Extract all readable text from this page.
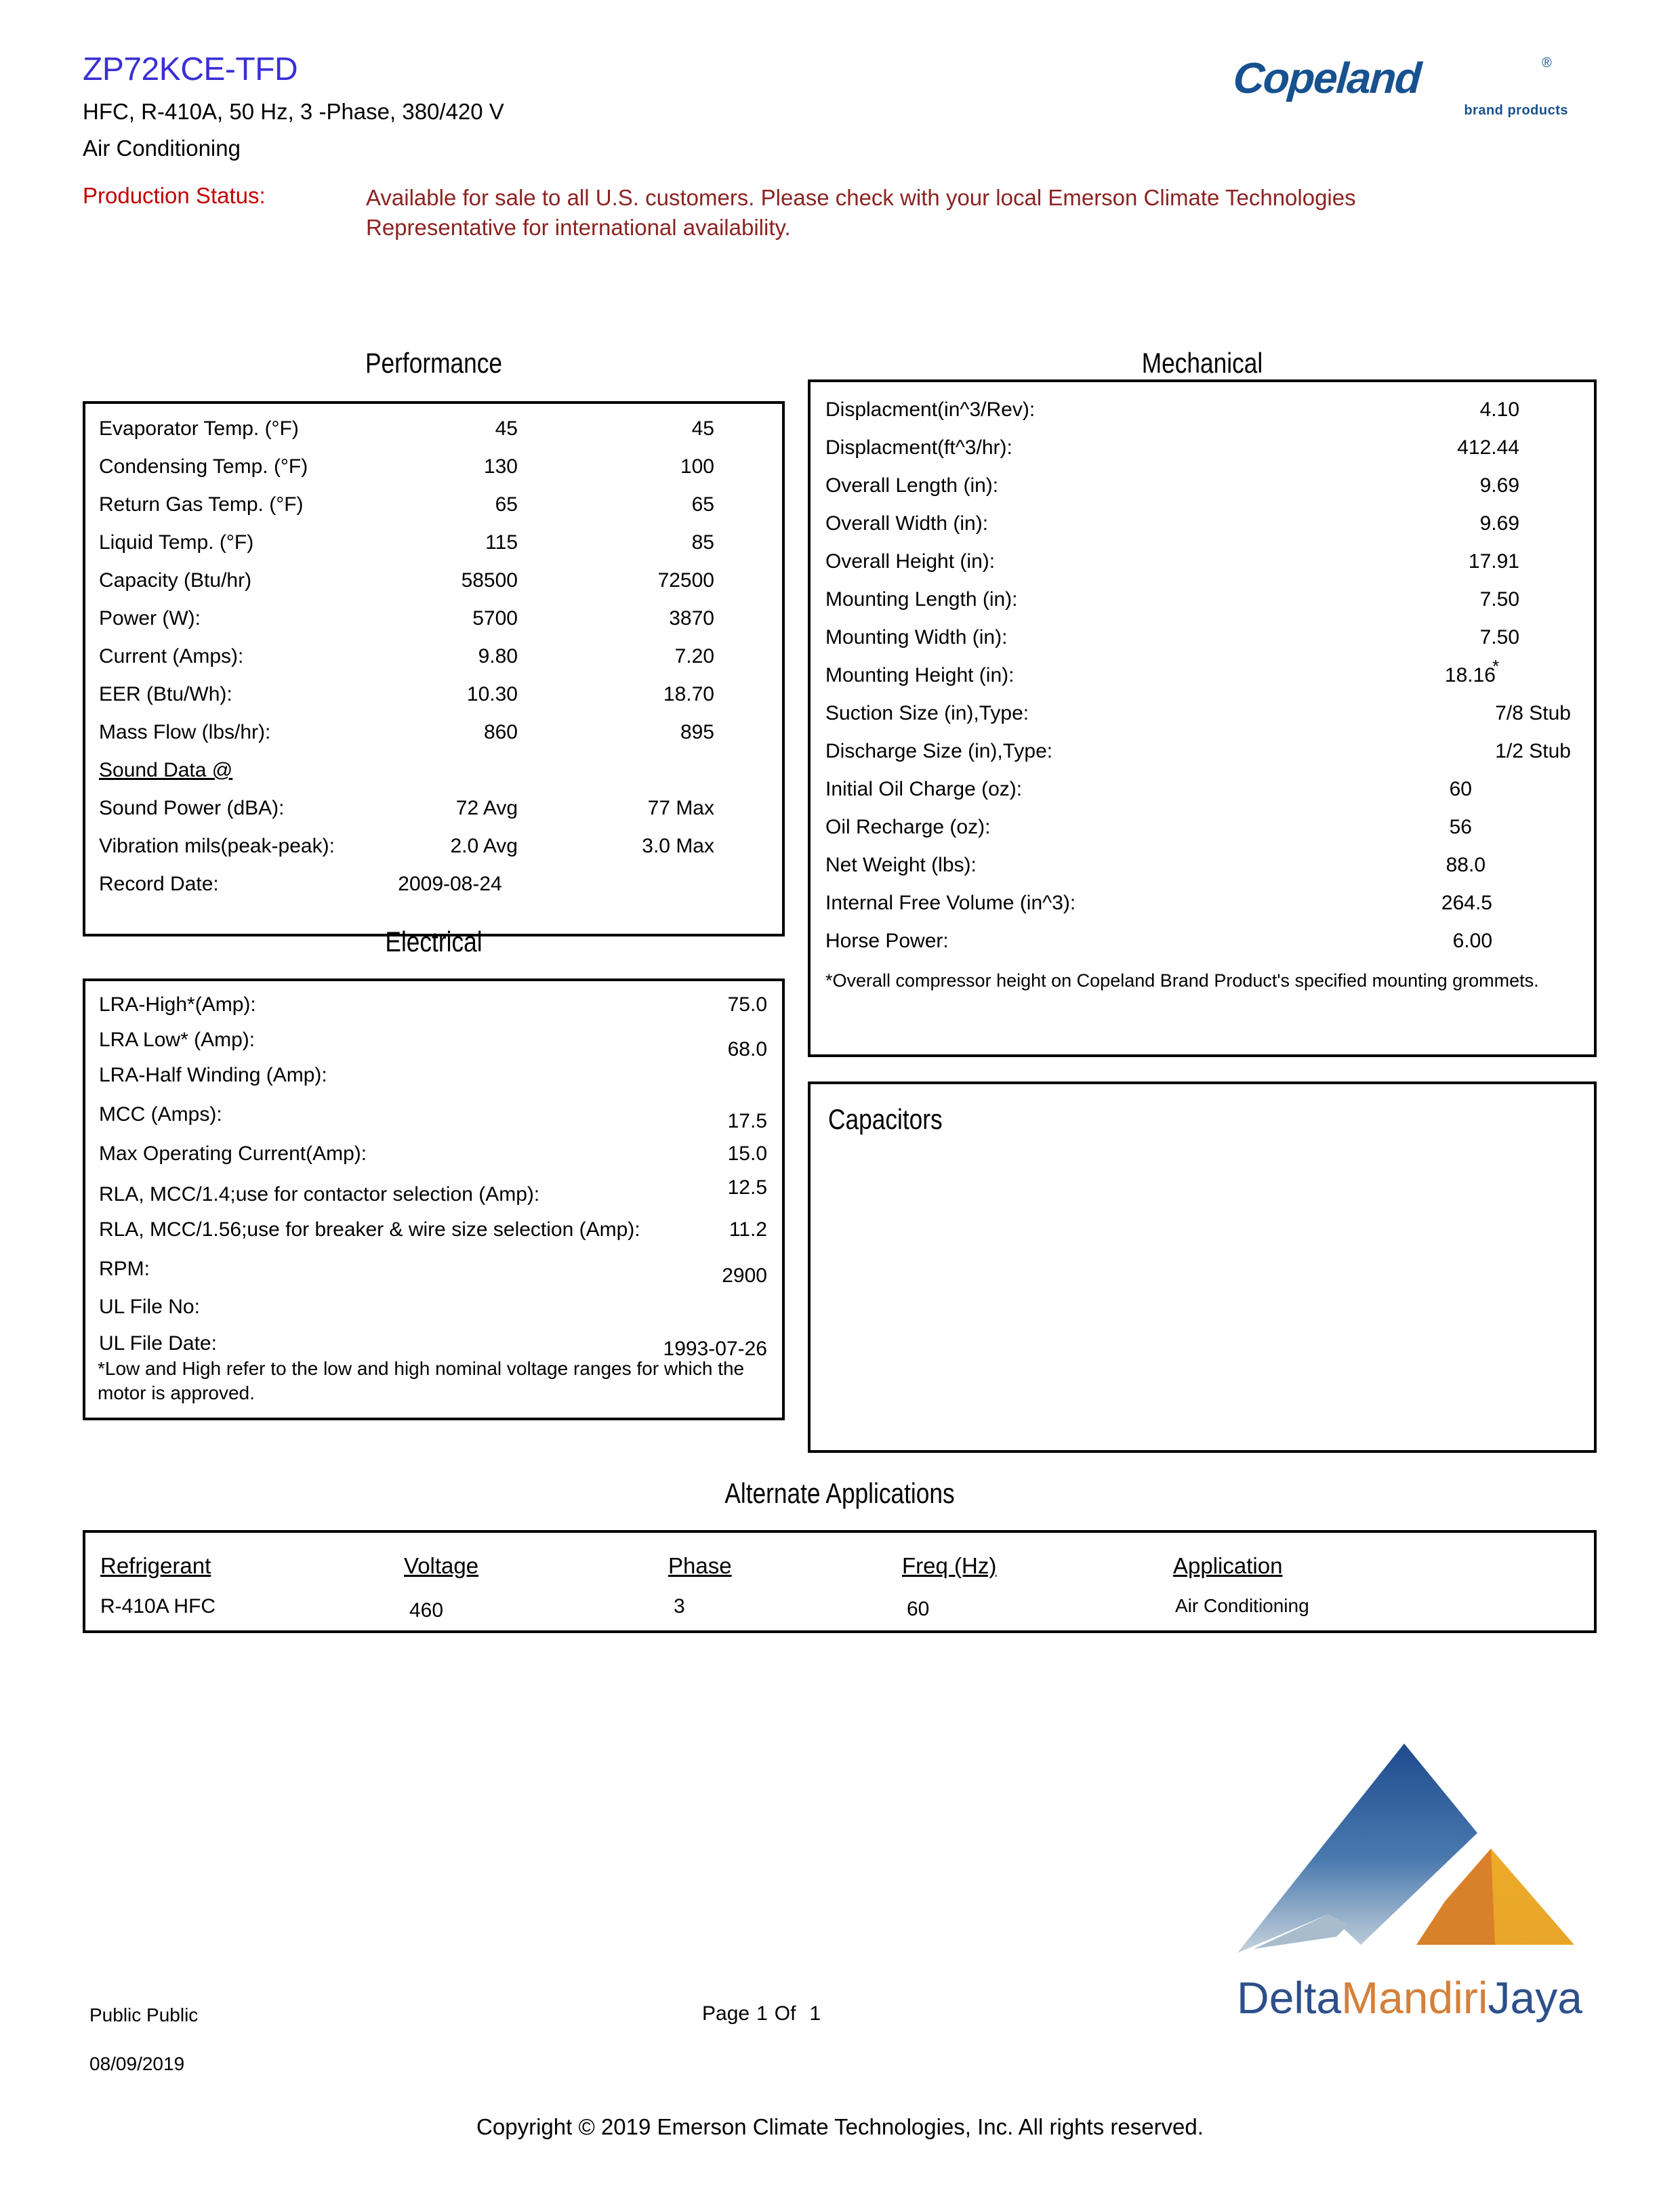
ZP72KCE-TFD
HFC, R-410A, 50 Hz, 3 -Phase, 380/420 V
Air Conditioning
Production Status:	Available for sale to all U.S. customers. Please check with your local Emerson Climate Technologies Representative for international availability.
Copeland	®
brand products
Performance
Evaporator Temp. (°F)	45	45
Condensing Temp. (°F)	130	100
Return Gas Temp. (°F)	65	65
Liquid Temp. (°F)	115	85
Capacity (Btu/hr)	58500	72500
Power (W):	5700	3870
Current (Amps):	9.80	7.20
EER (Btu/Wh):	10.30	18.70
Mass Flow (lbs/hr):	860	895
Sound Data @
Sound Power (dBA):	72 Avg	77 Max
Vibration mils(peak-peak):	2.0 Avg	3.0 Max
Record Date:	2009-08-24
Mechanical
Displacment(in^3/Rev):	4.10
Displacment(ft^3/hr):	412.44
Overall Length (in):	9.69
Overall Width (in):	9.69
Overall Height (in):	17.91
Mounting Length (in):	7.50
Mounting Width (in):	7.50
Mounting Height (in):	18.16
*
Suction Size (in),Type:	7/8 Stub
Discharge Size (in),Type:	1/2 Stub
Initial Oil Charge (oz):	60
Oil Recharge (oz):	56
Net Weight (lbs):	88.0
Internal Free Volume (in^3):	264.5
Horse Power:	6.00
*Overall compressor height on Copeland Brand Product's specified mounting grommets.
Electrical
LRA-High*(Amp):	75.0
LRA Low* (Amp):	68.0
LRA-Half Winding (Amp):
MCC (Amps):	17.5
Max Operating Current(Amp):	15.0
RLA, MCC/1.4;use for contactor selection (Amp):	12.5
RLA, MCC/1.56;use for breaker & wire size selection (Amp):	11.2
RPM:	2900
UL File No:
UL File Date:	1993-07-26
*Low and High refer to the low and high nominal voltage ranges for which the motor is approved.
Capacitors
Alternate Applications
Refrigerant	Voltage	Phase	Freq (Hz)	Application
R-410A HFC	460	3	60	Air Conditioning
DeltaMandiriJaya
Public Public
08/09/2019
Page 1 Of 1
Copyright © 2019 Emerson Climate Technologies, Inc. All rights reserved.
